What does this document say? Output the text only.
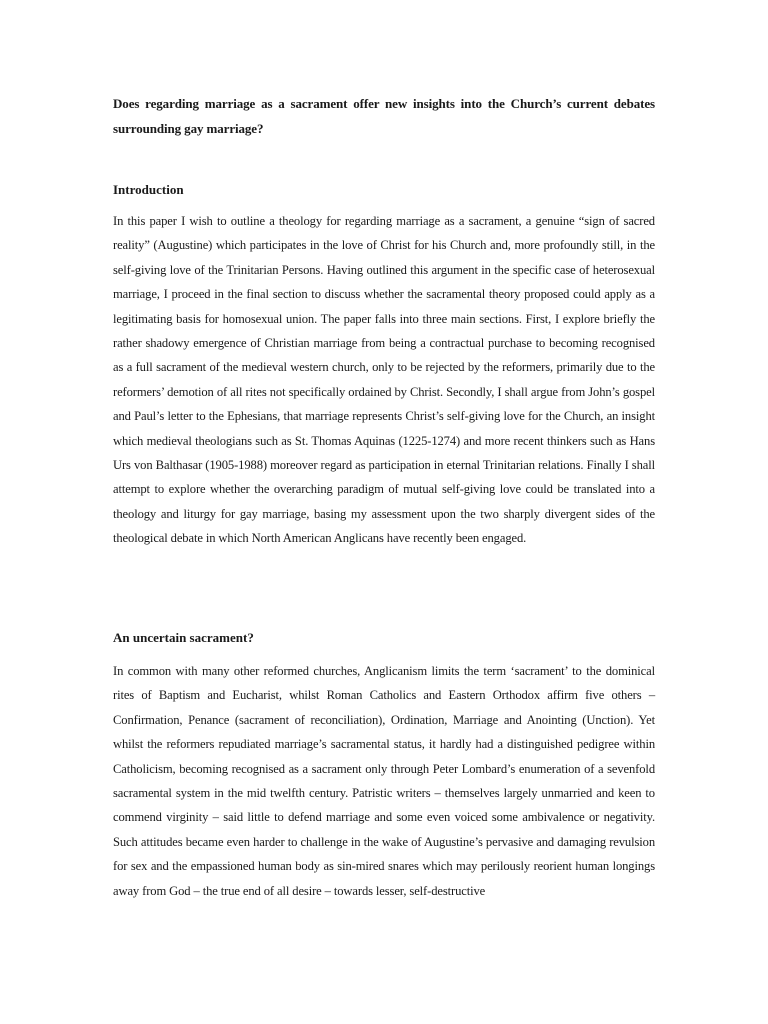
Does regarding marriage as a sacrament offer new insights into the Church’s current debates surrounding gay marriage?
Introduction
In this paper I wish to outline a theology for regarding marriage as a sacrament, a genuine “sign of sacred reality” (Augustine) which participates in the love of Christ for his Church and, more profoundly still, in the self-giving love of the Trinitarian Persons. Having outlined this argument in the specific case of heterosexual marriage, I proceed in the final section to discuss whether the sacramental theory proposed could apply as a legitimating basis for homosexual union. The paper falls into three main sections. First, I explore briefly the rather shadowy emergence of Christian marriage from being a contractual purchase to becoming recognised as a full sacrament of the medieval western church, only to be rejected by the reformers, primarily due to the reformers’ demotion of all rites not specifically ordained by Christ. Secondly, I shall argue from John’s gospel and Paul’s letter to the Ephesians, that marriage represents Christ’s self-giving love for the Church, an insight which medieval theologians such as St. Thomas Aquinas (1225-1274) and more recent thinkers such as Hans Urs von Balthasar (1905-1988) moreover regard as participation in eternal Trinitarian relations. Finally I shall attempt to explore whether the overarching paradigm of mutual self-giving love could be translated into a theology and liturgy for gay marriage, basing my assessment upon the two sharply divergent sides of the theological debate in which North American Anglicans have recently been engaged.
An uncertain sacrament?
In common with many other reformed churches, Anglicanism limits the term ‘sacrament’ to the dominical rites of Baptism and Eucharist, whilst Roman Catholics and Eastern Orthodox affirm five others – Confirmation, Penance (sacrament of reconciliation), Ordination, Marriage and Anointing (Unction). Yet whilst the reformers repudiated marriage’s sacramental status, it hardly had a distinguished pedigree within Catholicism, becoming recognised as a sacrament only through Peter Lombard’s enumeration of a sevenfold sacramental system in the mid twelfth century. Patristic writers – themselves largely unmarried and keen to commend virginity – said little to defend marriage and some even voiced some ambivalence or negativity. Such attitudes became even harder to challenge in the wake of Augustine’s pervasive and damaging revulsion for sex and the empassioned human body as sin-mired snares which may perilously reorient human longings away from God – the true end of all desire – towards lesser, self-destructive
